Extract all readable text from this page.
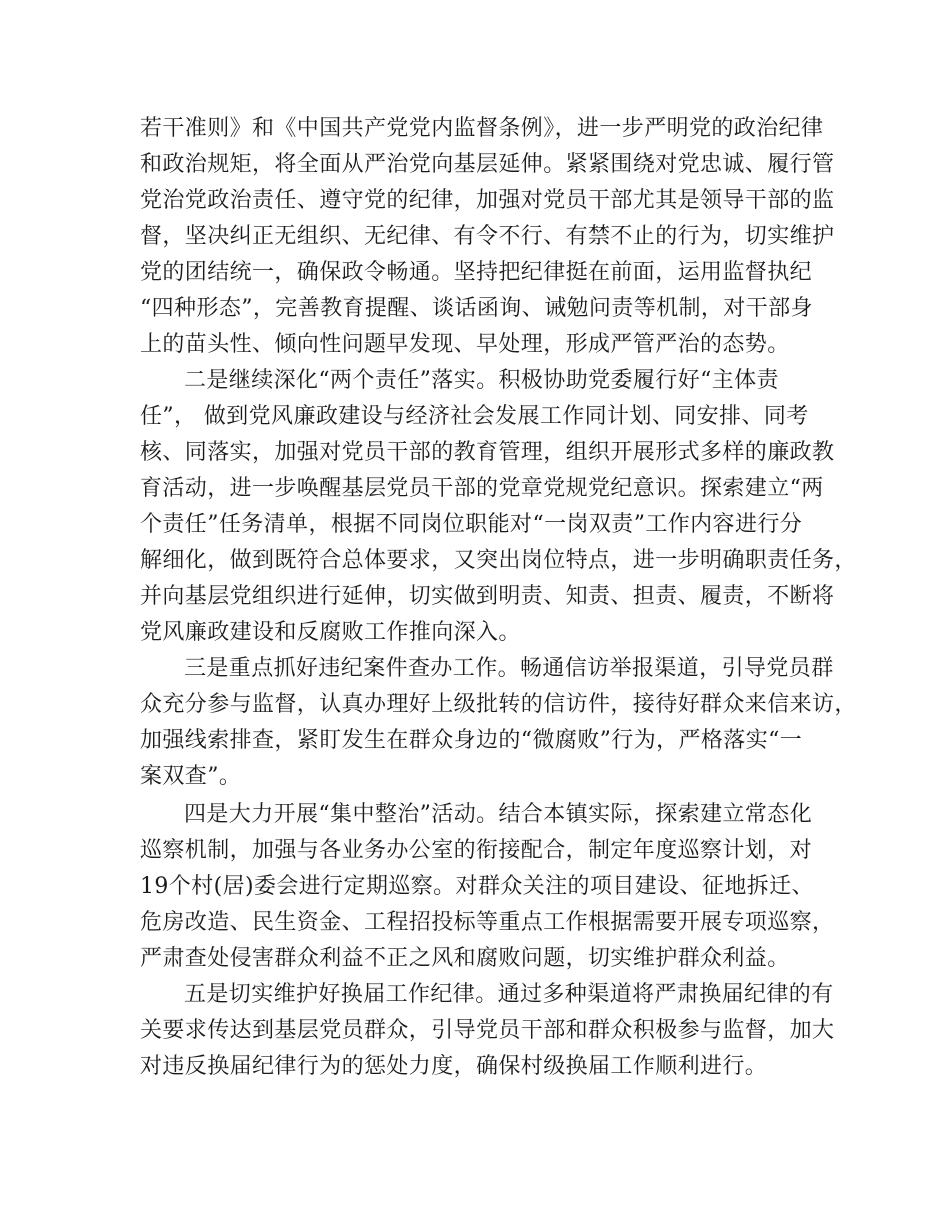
若干准则》和《中国共产党党内监督条例》，进一步严明党的政治纪律
和政治规矩，将全面从严治党向基层延伸。紧紧围绕对党忠诚、履行管
党治党政治责任、遵守党的纪律，加强对党员干部尤其是领导干部的监
督，坚决纠正无组织、无纪律、有令不行、有禁不止的行为，切实维护
党的团结统一，确保政令畅通。坚持把纪律挺在前面，运用监督执纪
“四种形态”，完善教育提醒、谈话函询、诫勉问责等机制，对干部身
上的苗头性、倾向性问题早发现、早处理，形成严管严治的态势。
二是继续深化“两个责任”落实。积极协助党委履行好“主体责
任”， 做到党风廉政建设与经济社会发展工作同计划、同安排、同考
核、同落实，加强对党员干部的教育管理，组织开展形式多样的廉政教
育活动，进一步唤醒基层党员干部的党章党规党纪意识。探索建立“两
个责任”任务清单，根据不同岗位职能对“一岗双责”工作内容进行分
解细化，做到既符合总体要求，又突出岗位特点，进一步明确职责任务，
并向基层党组织进行延伸，切实做到明责、知责、担责、履责，不断将
党风廉政建设和反腐败工作推向深入。
三是重点抓好违纪案件查办工作。畅通信访举报渠道，引导党员群
众充分参与监督，认真办理好上级批转的信访件，接待好群众来信来访，
加强线索排查，紧盯发生在群众身边的“微腐败”行为，严格落实“一
案双查”。
四是大力开展“集中整治”活动。结合本镇实际，探索建立常态化
巡察机制，加强与各业务办公室的衔接配合，制定年度巡察计划，对
19个村(居)委会进行定期巡察。对群众关注的项目建设、征地拆迁、
危房改造、民生资金、工程招投标等重点工作根据需要开展专项巡察，
严肃查处侵害群众利益不正之风和腐败问题，切实维护群众利益。
五是切实维护好换届工作纪律。通过多种渠道将严肃换届纪律的有
关要求传达到基层党员群众，引导党员干部和群众积极参与监督，加大
对违反换届纪律行为的惩处力度，确保村级换届工作顺利进行。
